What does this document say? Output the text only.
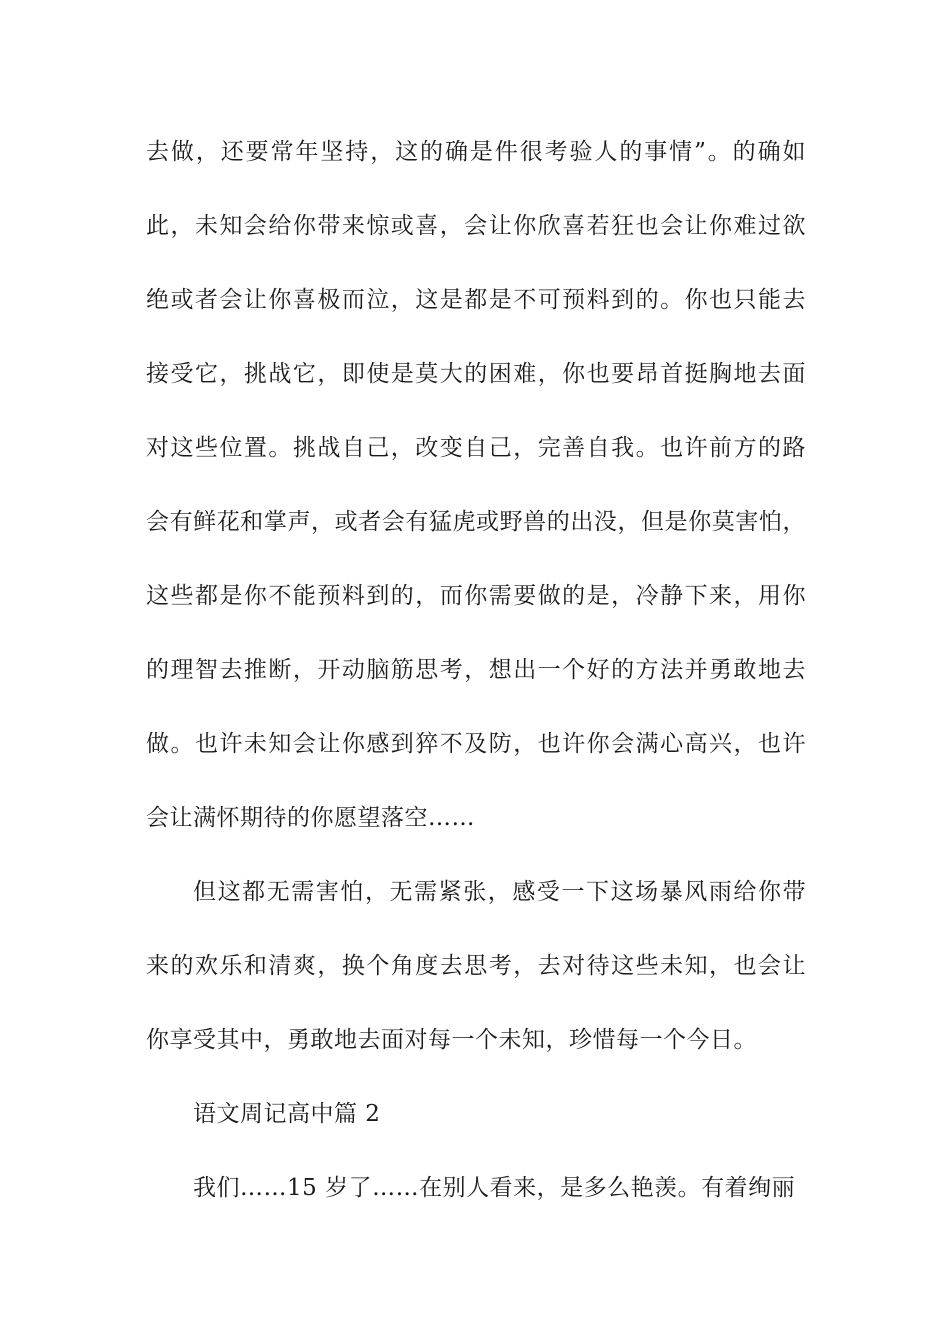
去做，还要常年坚持，这的确是件很考验人的事情”。的确如
此，未知会给你带来惊或喜，会让你欣喜若狂也会让你难过欲
绝或者会让你喜极而泣，这是都是不可预料到的。你也只能去
接受它，挑战它，即使是莫大的困难，你也要昂首挺胸地去面
对这些位置。挑战自己，改变自己，完善自我。也许前方的路
会有鲜花和掌声，或者会有猛虎或野兽的出没，但是你莫害怕，
这些都是你不能预料到的，而你需要做的是，冷静下来，用你
的理智去推断，开动脑筋思考，想出一个好的方法并勇敢地去
做。也许未知会让你感到猝不及防，也许你会满心高兴，也许
会让满怀期待的你愿望落空……
但这都无需害怕，无需紧张，感受一下这场暴风雨给你带
来的欢乐和清爽，换个角度去思考，去对待这些未知，也会让
你享受其中，勇敢地去面对每一个未知，珍惜每一个今日。
语文周记高中篇 2
我们……15 岁了……在别人看来，是多么艳羡。有着绚丽
